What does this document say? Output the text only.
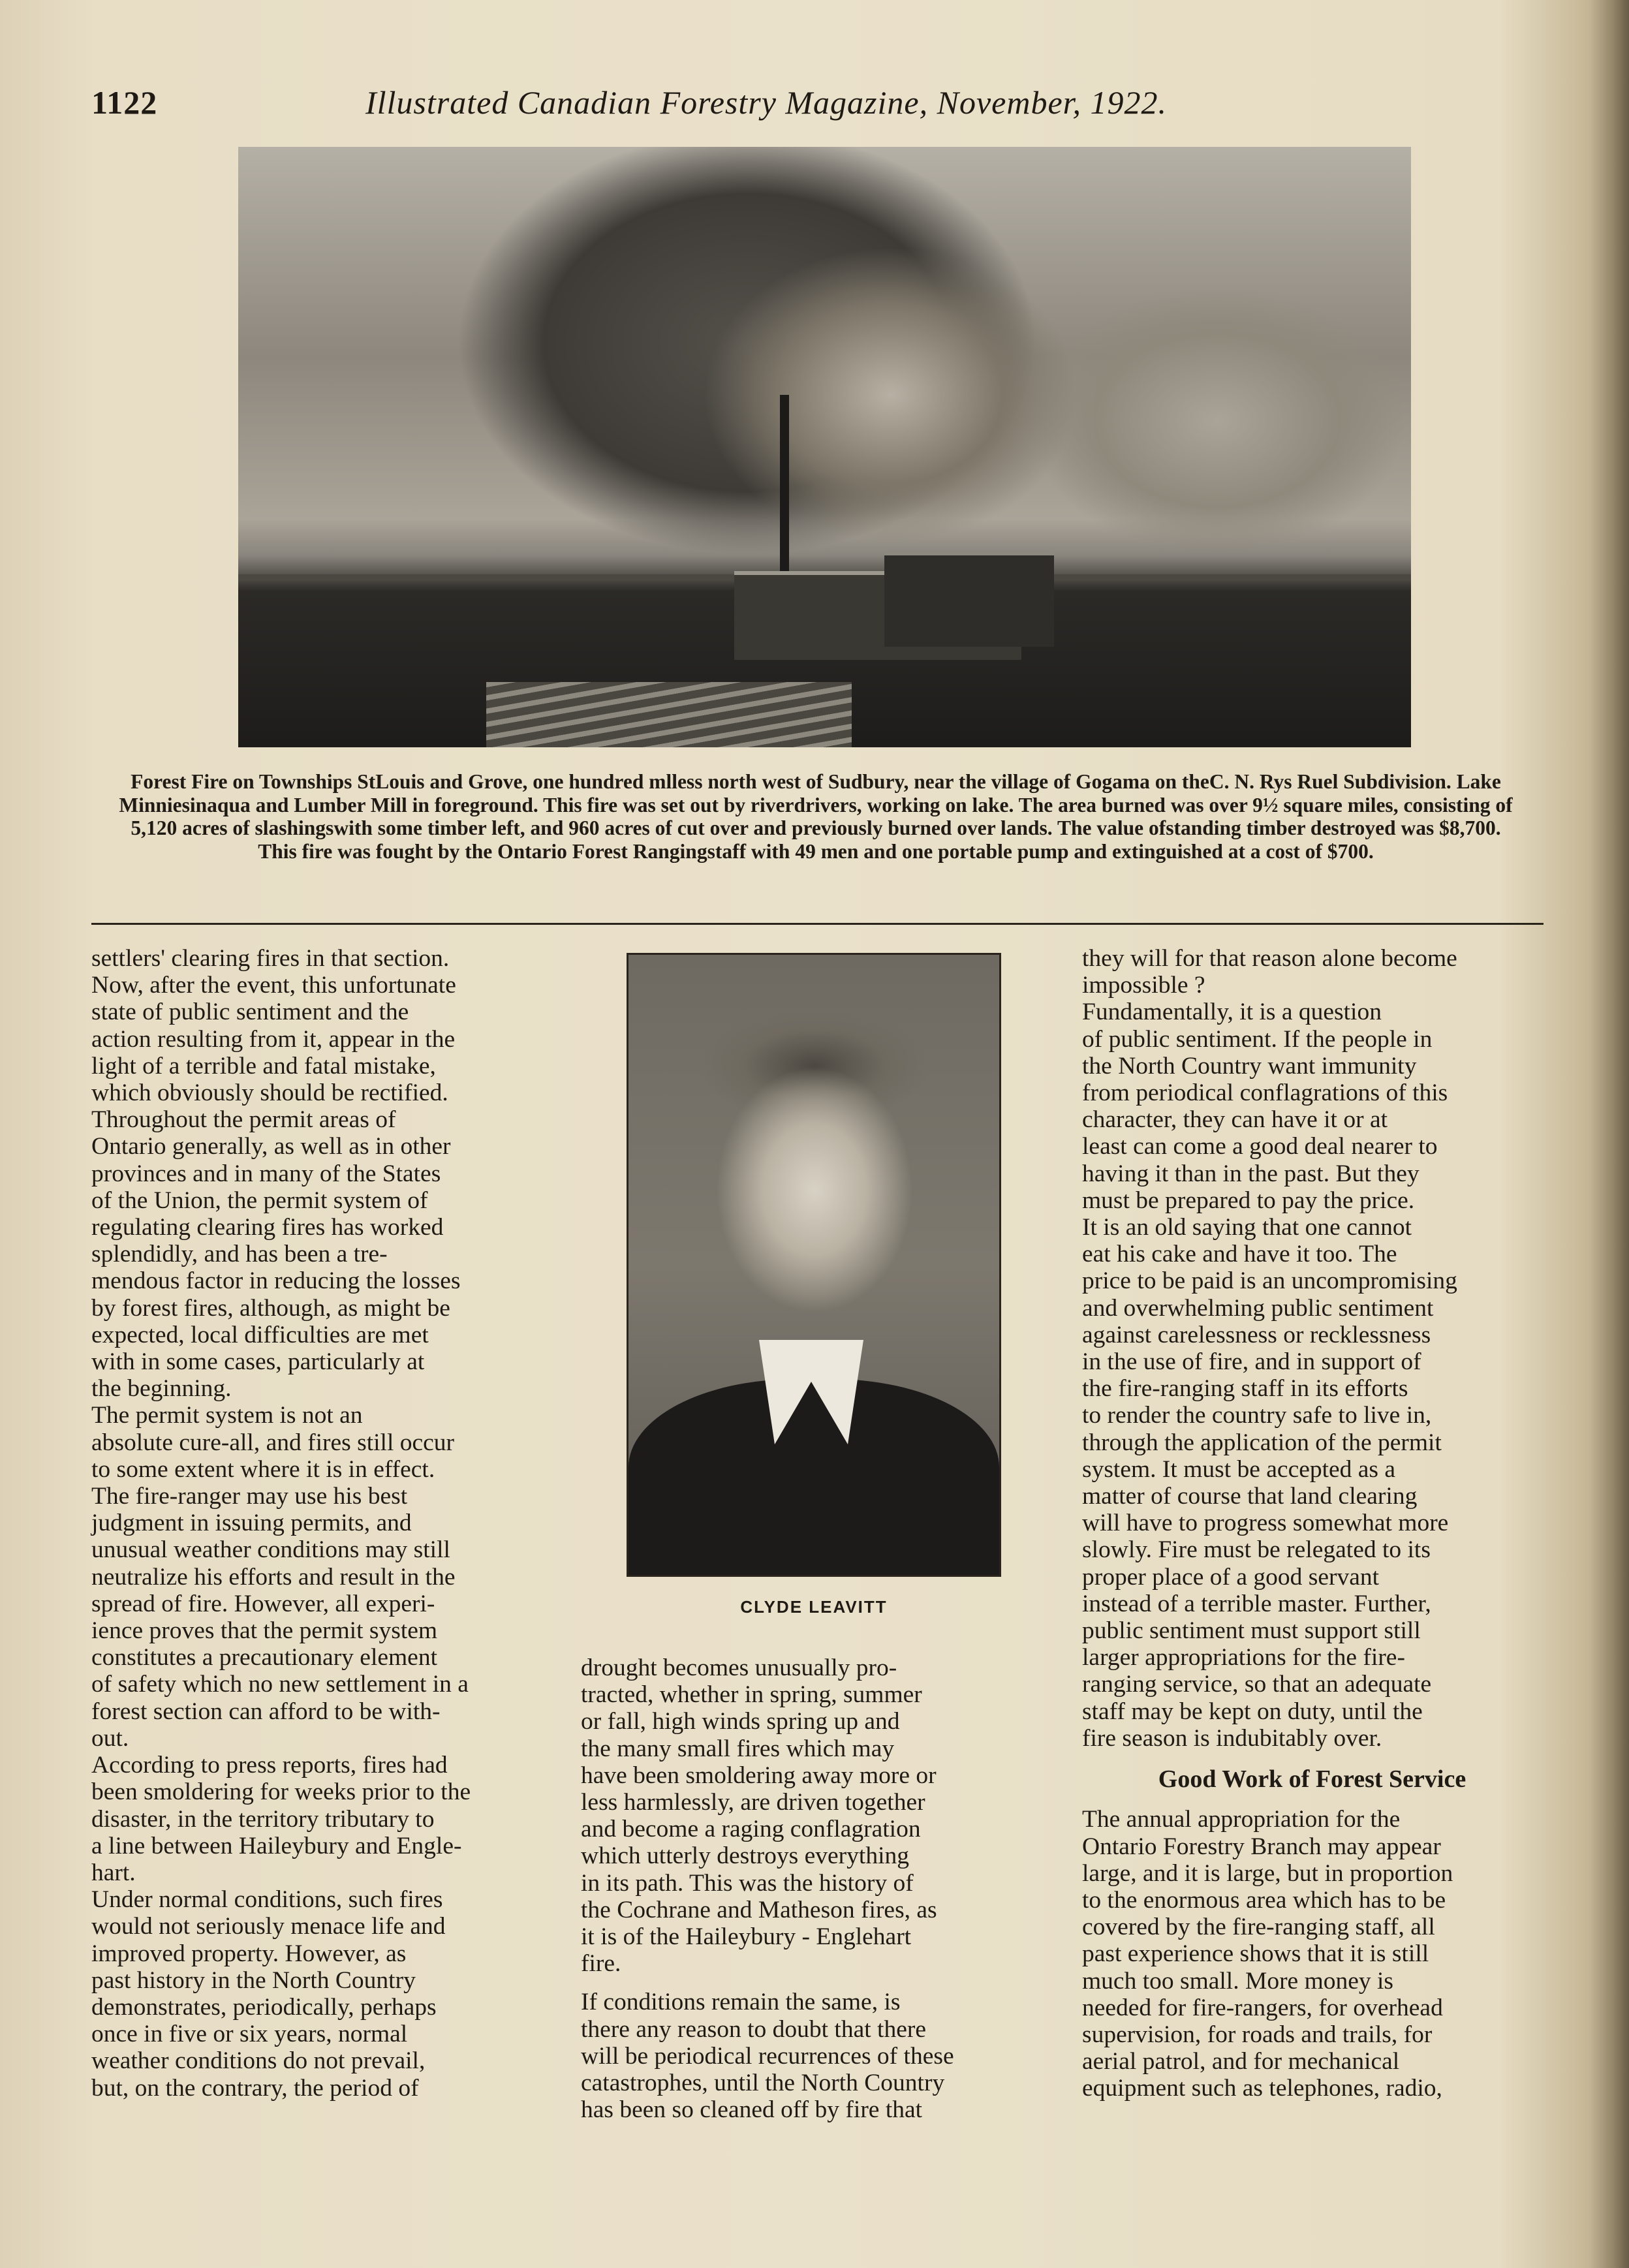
1122	Illustrated Canadian Forestry Magazine, November, 1922.
Forest Fire on Townships StLouis and Grove, one hundred mlless north west of Sudbury, near the village of Gogama on theC. N. Rys Ruel Subdivision. Lake Minniesinaqua and Lumber Mill in foreground. This fire was set out by riverdrivers, working on lake. The area burned was over 9½ square miles, consisting of 5,120 acres of slashingswith some timber left, and 960 acres of cut over and previously burned over lands. The value ofstanding timber destroyed was $8,700. This fire was fought by the Ontario Forest Rangingstaff with 49 men and one portable pump and extinguished at a cost of $700.
settlers' clearing fires in that section.
Now, after the event, this unfortunate
state of public sentiment and the
action resulting from it, appear in the
light of a terrible and fatal mistake,
which obviously should be rectified.
Throughout the permit areas of
Ontario generally, as well as in other
provinces and in many of the States
of the Union, the permit system of
regulating clearing fires has worked
splendidly, and has been a tre-
mendous factor in reducing the losses
by forest fires, although, as might be
expected, local difficulties are met
with in some cases, particularly at
the beginning.
The permit system is not an
absolute cure-all, and fires still occur
to some extent where it is in effect.
The fire-ranger may use his best
judgment in issuing permits, and
unusual weather conditions may still
neutralize his efforts and result in the
spread of fire. However, all experi-
ience proves that the permit system
constitutes a precautionary element
of safety which no new settlement in a
forest section can afford to be with-
out.
According to press reports, fires had
been smoldering for weeks prior to the
disaster, in the territory tributary to
a line between Haileybury and Engle-
hart.
Under normal conditions, such fires
would not seriously menace life and
improved property. However, as
past history in the North Country
demonstrates, periodically, perhaps
once in five or six years, normal
weather conditions do not prevail,
but, on the contrary, the period of
CLYDE LEAVITT
drought becomes unusually pro-
tracted, whether in spring, summer
or fall, high winds spring up and
the many small fires which may
have been smoldering away more or
less harmlessly, are driven together
and become a raging conflagration
which utterly destroys everything
in its path. This was the history of
the Cochrane and Matheson fires, as
it is of the Haileybury - Englehart
fire.
If conditions remain the same, is
there any reason to doubt that there
will be periodical recurrences of these
catastrophes, until the North Country
has been so cleaned off by fire that
they will for that reason alone become
impossible ?
Fundamentally, it is a question
of public sentiment. If the people in
the North Country want immunity
from periodical conflagrations of this
character, they can have it or at
least can come a good deal nearer to
having it than in the past. But they
must be prepared to pay the price.
It is an old saying that one cannot
eat his cake and have it too. The
price to be paid is an uncompromising
and overwhelming public sentiment
against carelessness or recklessness
in the use of fire, and in support of
the fire-ranging staff in its efforts
to render the country safe to live in,
through the application of the permit
system. It must be accepted as a
matter of course that land clearing
will have to progress somewhat more
slowly. Fire must be relegated to its
proper place of a good servant
instead of a terrible master. Further,
public sentiment must support still
larger appropriations for the fire-
ranging service, so that an adequate
staff may be kept on duty, until the
fire season is indubitably over.
Good Work of Forest Service
The annual appropriation for the
Ontario Forestry Branch may appear
large, and it is large, but in proportion
to the enormous area which has to be
covered by the fire-ranging staff, all
past experience shows that it is still
much too small. More money is
needed for fire-rangers, for overhead
supervision, for roads and trails, for
aerial patrol, and for mechanical
equipment such as telephones, radio,
